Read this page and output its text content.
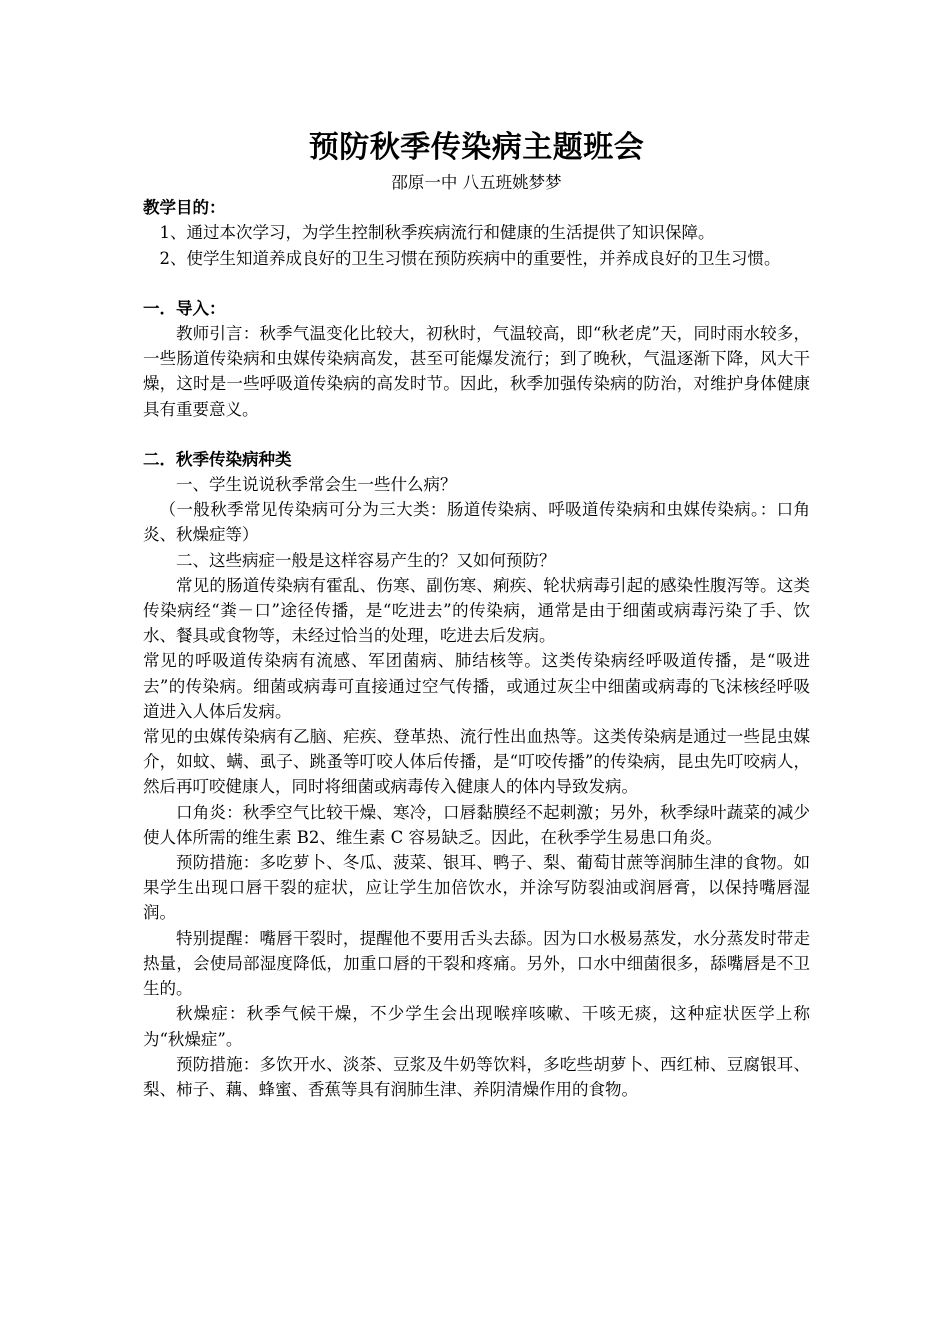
预防秋季传染病主题班会

邵原一中 八五班姚梦梦

教学目的：

1、通过本次学习，为学生控制秋季疾病流行和健康的生活提供了知识保障。

2、使学生知道养成良好的卫生习惯在预防疾病中的重要性，并养成良好的卫生习惯。

一．导入：

教师引言：秋季气温变化比较大，初秋时，气温较高，即“秋老虎”天，同时雨水较多，一些肠道传染病和虫媒传染病高发，甚至可能爆发流行；到了晚秋，气温逐渐下降，风大干燥，这时是一些呼吸道传染病的高发时节。因此，秋季加强传染病的防治，对维护身体健康具有重要意义。

二．秋季传染病种类

一、学生说说秋季常会生一些什么病？

（一般秋季常见传染病可分为三大类：肠道传染病、呼吸道传染病和虫媒传染病。：口角炎、秋燥症等）

二、这些病症一般是这样容易产生的？又如何预防？

常见的肠道传染病有霍乱、伤寒、副伤寒、痢疾、轮状病毒引起的感染性腹泻等。这类传染病经“粪－口”途径传播，是“吃进去”的传染病，通常是由于细菌或病毒污染了手、饮水、餐具或食物等，未经过恰当的处理，吃进去后发病。

常见的呼吸道传染病有流感、军团菌病、肺结核等。这类传染病经呼吸道传播，是“吸进去”的传染病。细菌或病毒可直接通过空气传播，或通过灰尘中细菌或病毒的飞沫核经呼吸道进入人体后发病。

常见的虫媒传染病有乙脑、疟疾、登革热、流行性出血热等。这类传染病是通过一些昆虫媒介，如蚊、螨、虱子、跳蚤等叮咬人体后传播，是“叮咬传播”的传染病，昆虫先叮咬病人，然后再叮咬健康人，同时将细菌或病毒传入健康人的体内导致发病。

口角炎：秋季空气比较干燥、寒冷，口唇黏膜经不起刺激；另外，秋季绿叶蔬菜的减少使人体所需的维生素 B2、维生素 C 容易缺乏。因此，在秋季学生易患口角炎。

预防措施：多吃萝卜、冬瓜、菠菜、银耳、鸭子、梨、葡萄甘蔗等润肺生津的食物。如果学生出现口唇干裂的症状，应让学生加倍饮水，并涂写防裂油或润唇膏，以保持嘴唇湿润。

特别提醒：嘴唇干裂时，提醒他不要用舌头去舔。因为口水极易蒸发，水分蒸发时带走热量，会使局部湿度降低，加重口唇的干裂和疼痛。另外，口水中细菌很多，舔嘴唇是不卫生的。

秋燥症：秋季气候干燥，不少学生会出现喉痒咳嗽、干咳无痰，这种症状医学上称为“秋燥症”。

预防措施：多饮开水、淡茶、豆浆及牛奶等饮料，多吃些胡萝卜、西红柿、豆腐银耳、梨、柿子、藕、蜂蜜、香蕉等具有润肺生津、养阴清燥作用的食物。
